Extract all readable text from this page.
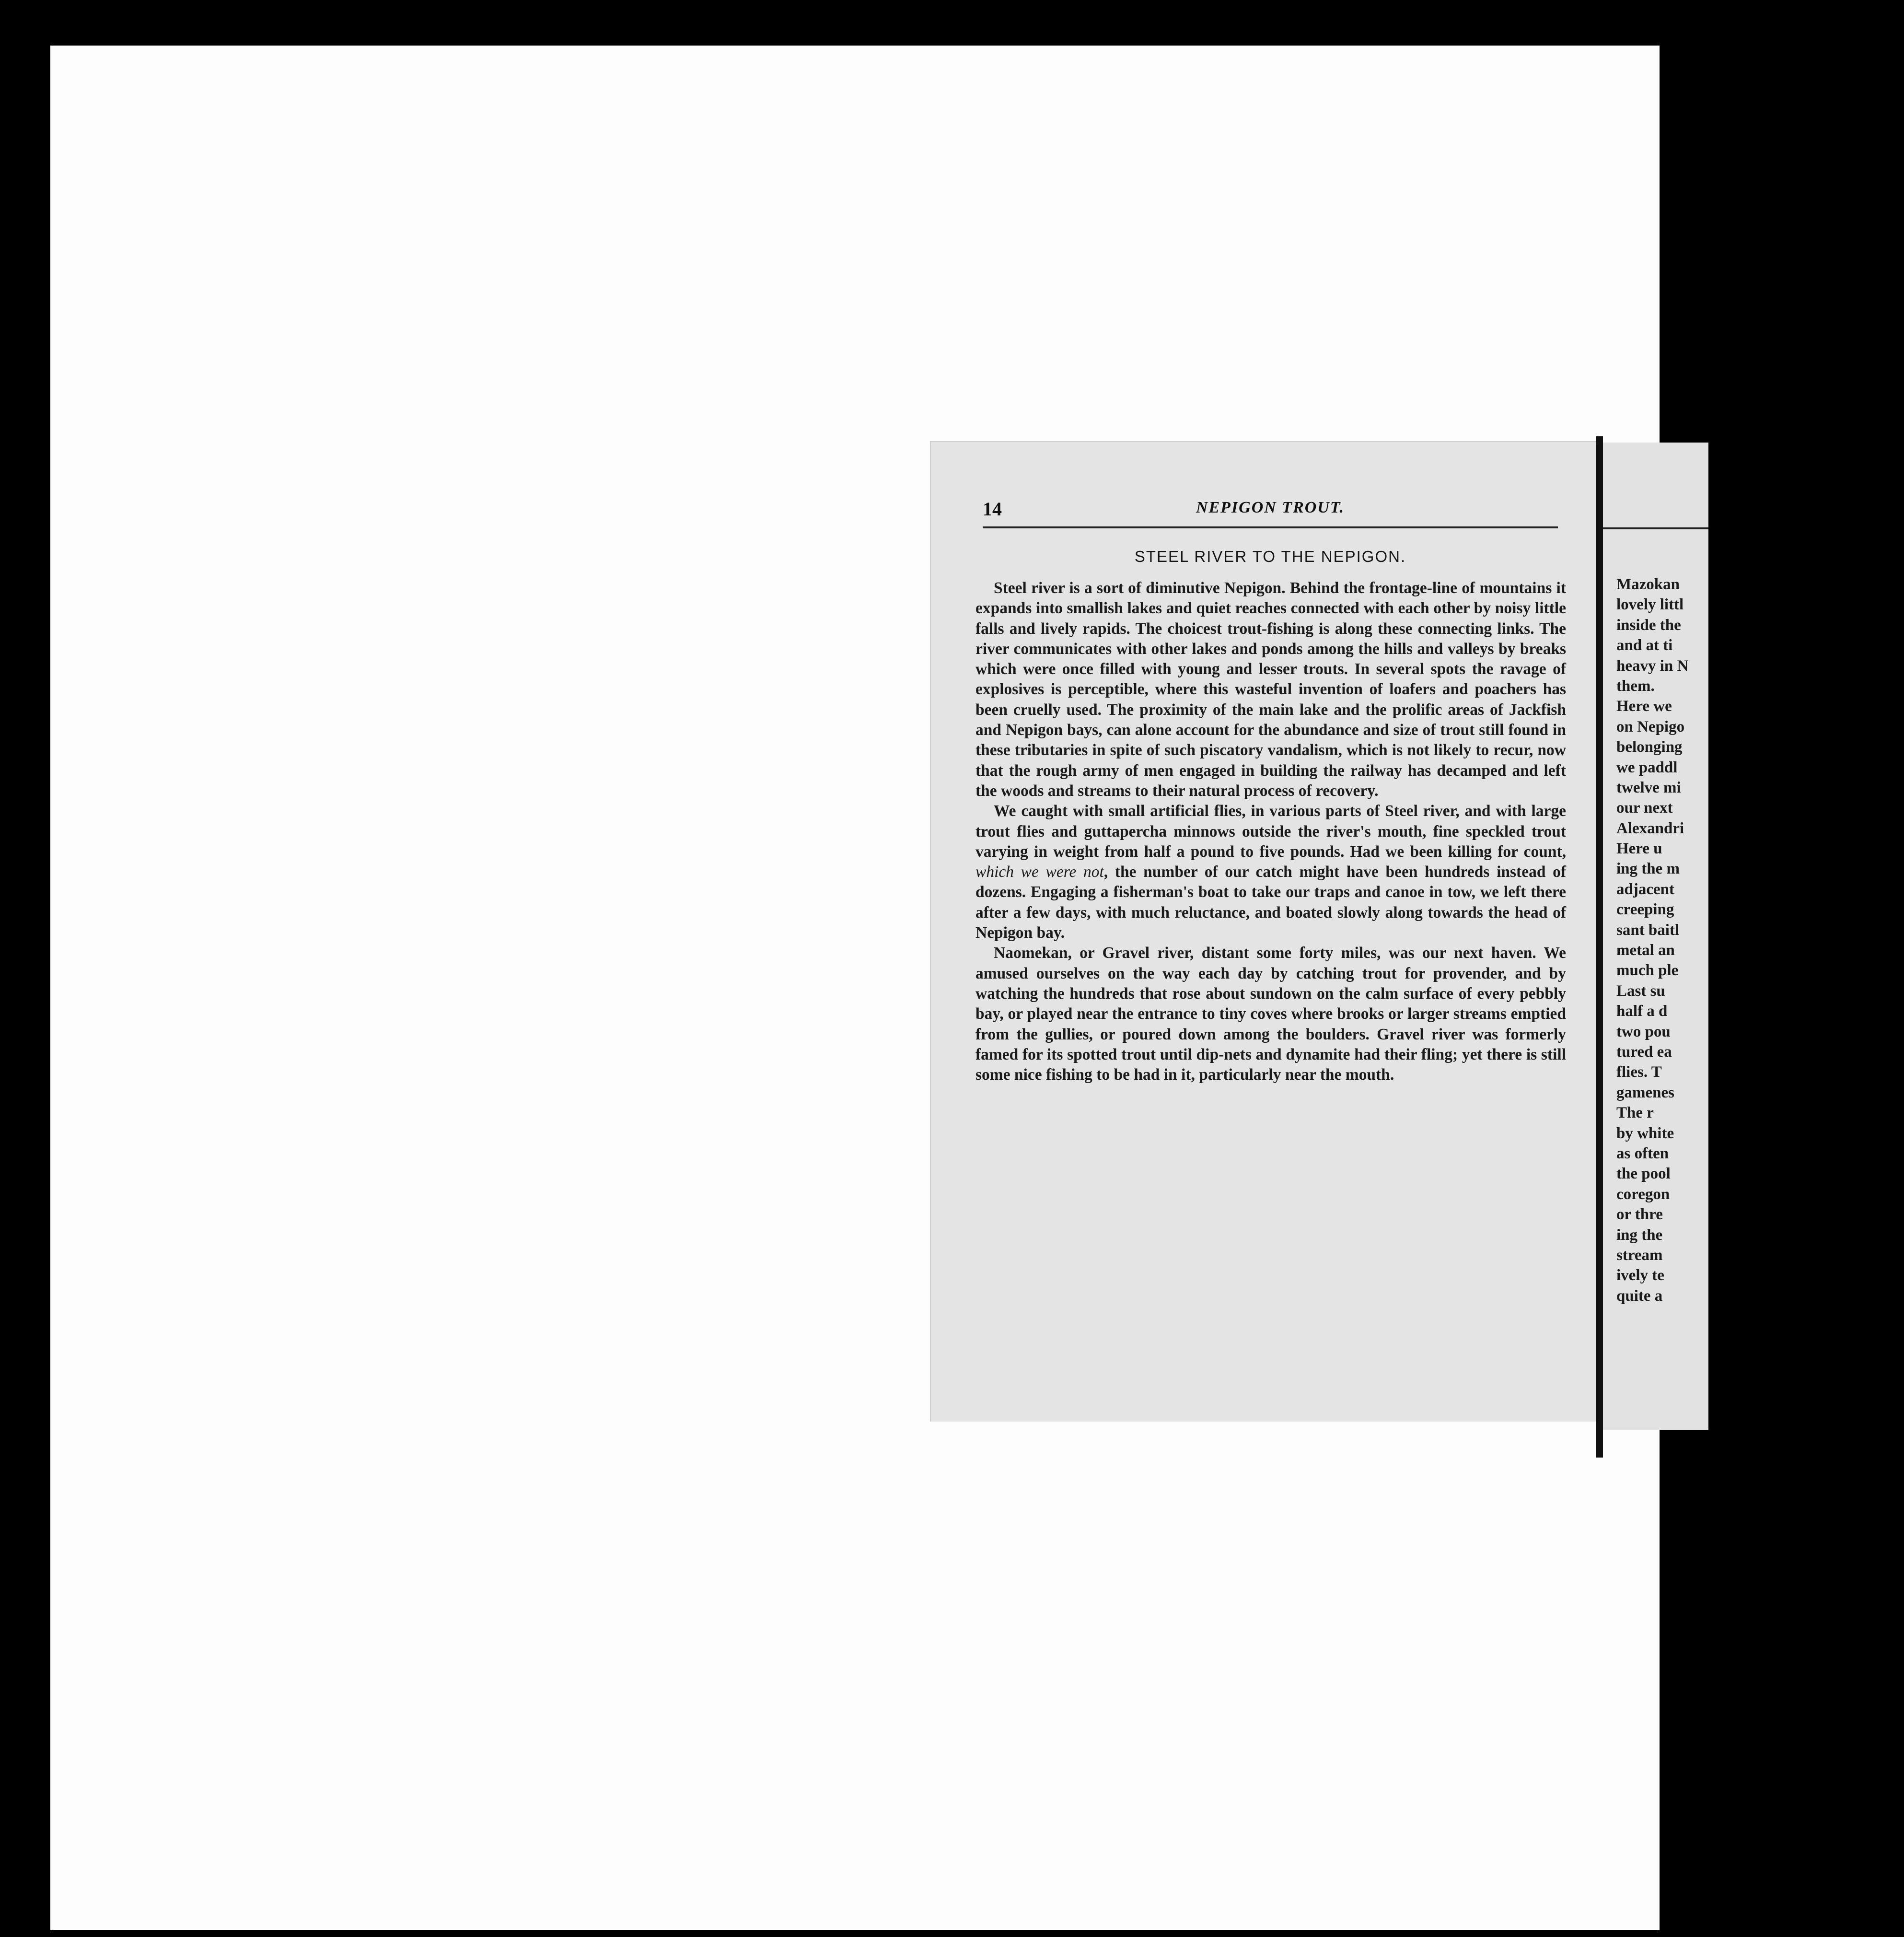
14	NEPIGON TROUT.
STEEL RIVER TO THE NEPIGON.

Steel river is a sort of diminutive Nepigon. Behind the frontage-line of mountains it expands into smallish lakes and quiet reaches connected with each other by noisy little falls and lively rapids. The choicest trout-fishing is along these connecting links. The river communicates with other lakes and ponds among the hills and valleys by breaks which were once filled with young and lesser trouts. In several spots the ravage of explosives is perceptible, where this wasteful invention of loafers and poachers has been cruelly used. The proximity of the main lake and the prolific areas of Jackfish and Nepigon bays, can alone account for the abundance and size of trout still found in these tributaries in spite of such piscatory vandalism, which is not likely to recur, now that the rough army of men engaged in building the railway has decamped and left the woods and streams to their natural process of recovery.

We caught with small artificial flies, in various parts of Steel river, and with large trout flies and guttapercha minnows outside the river's mouth, fine speckled trout varying in weight from half a pound to five pounds. Had we been killing for count, which we were not, the number of our catch might have been hundreds instead of dozens. Engaging a fisherman's boat to take our traps and canoe in tow, we left there after a few days, with much reluctance, and boated slowly along towards the head of Nepigon bay.

Naomekan, or Gravel river, distant some forty miles, was our next haven. We amused ourselves on the way each day by catching trout for provender, and by watching the hundreds that rose about sundown on the calm surface of every pebbly bay, or played near the entrance to tiny coves where brooks or larger streams emptied from the gullies, or poured down among the boulders. Gravel river was formerly famed for its spotted trout until dip-nets and dynamite had their fling; yet there is still some nice fishing to be had in it, particularly near the mouth.

Mazokan
lovely littl
inside the
and at ti
heavy in N
them.
Here we
on Nepigo
belonging
we paddl
twelve mi
our next
Alexandri
Here u
ing the m
adjacent
creeping
sant baitl
metal an
much ple
Last su
half a d
two pou
tured ea
flies. T
gamenes
The r
by white
as often
the pool
coregon
or thre
ing the
stream
ively te
quite a
